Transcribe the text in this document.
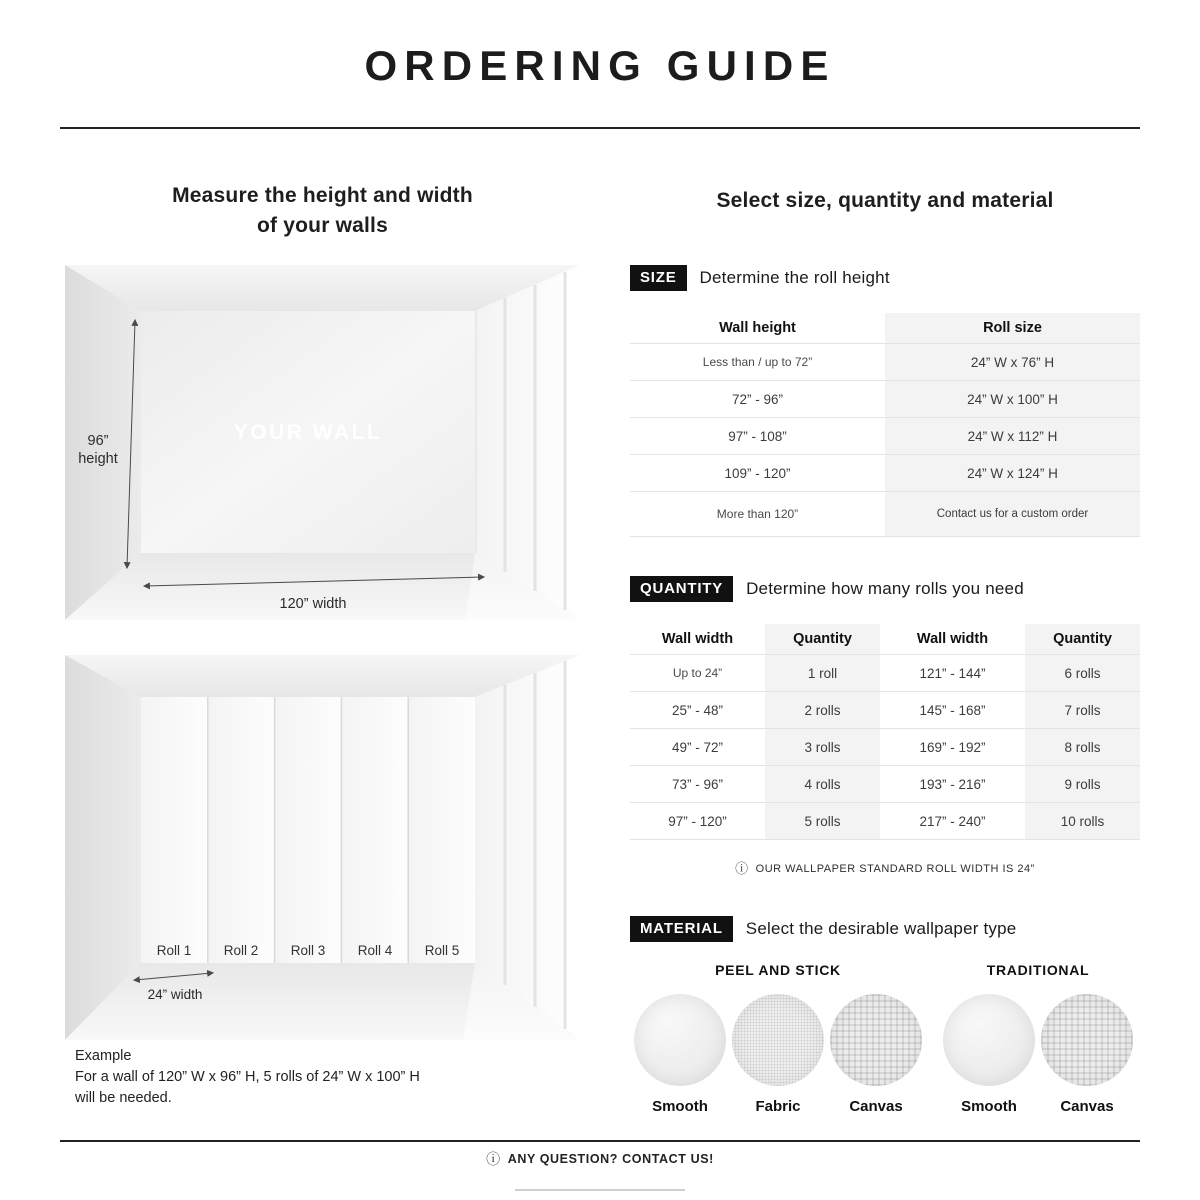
ORDERING GUIDE
Measure the height and width
of your walls
YOUR WALL
96”
height
120” width
Roll 1 Roll 2 Roll 3 Roll 4 Roll 5
24” width
Example
For a wall of 120” W x 96” H, 5 rolls of 24” W x 100” H
will be needed.
Select size, quantity and material
SIZE	Determine the roll height
Wall height	Roll size
Less than / up to 72”	24” W x 76” H
72” - 96”	24” W x 100” H
97” - 108”	24” W x 112” H
109” - 120”	24” W x 124” H
More than 120”	Contact us for a custom order
QUANTITY	Determine how many rolls you need
Wall width	Quantity	Wall width	Quantity
Up to 24”	1 roll	121” - 144”	6 rolls
25” - 48”	2 rolls	145” - 168”	7 rolls
49” - 72”	3 rolls	169” - 192”	8 rolls
73” - 96”	4 rolls	193” - 216”	9 rolls
97” - 120”	5 rolls	217” - 240”	10 rolls
ⓘ OUR WALLPAPER STANDARD ROLL WIDTH IS 24”
MATERIAL	Select the desirable wallpaper type
PEEL AND STICK
Smooth	Fabric	Canvas
TRADITIONAL
Smooth	Canvas
ⓘ ANY QUESTION? CONTACT US!
